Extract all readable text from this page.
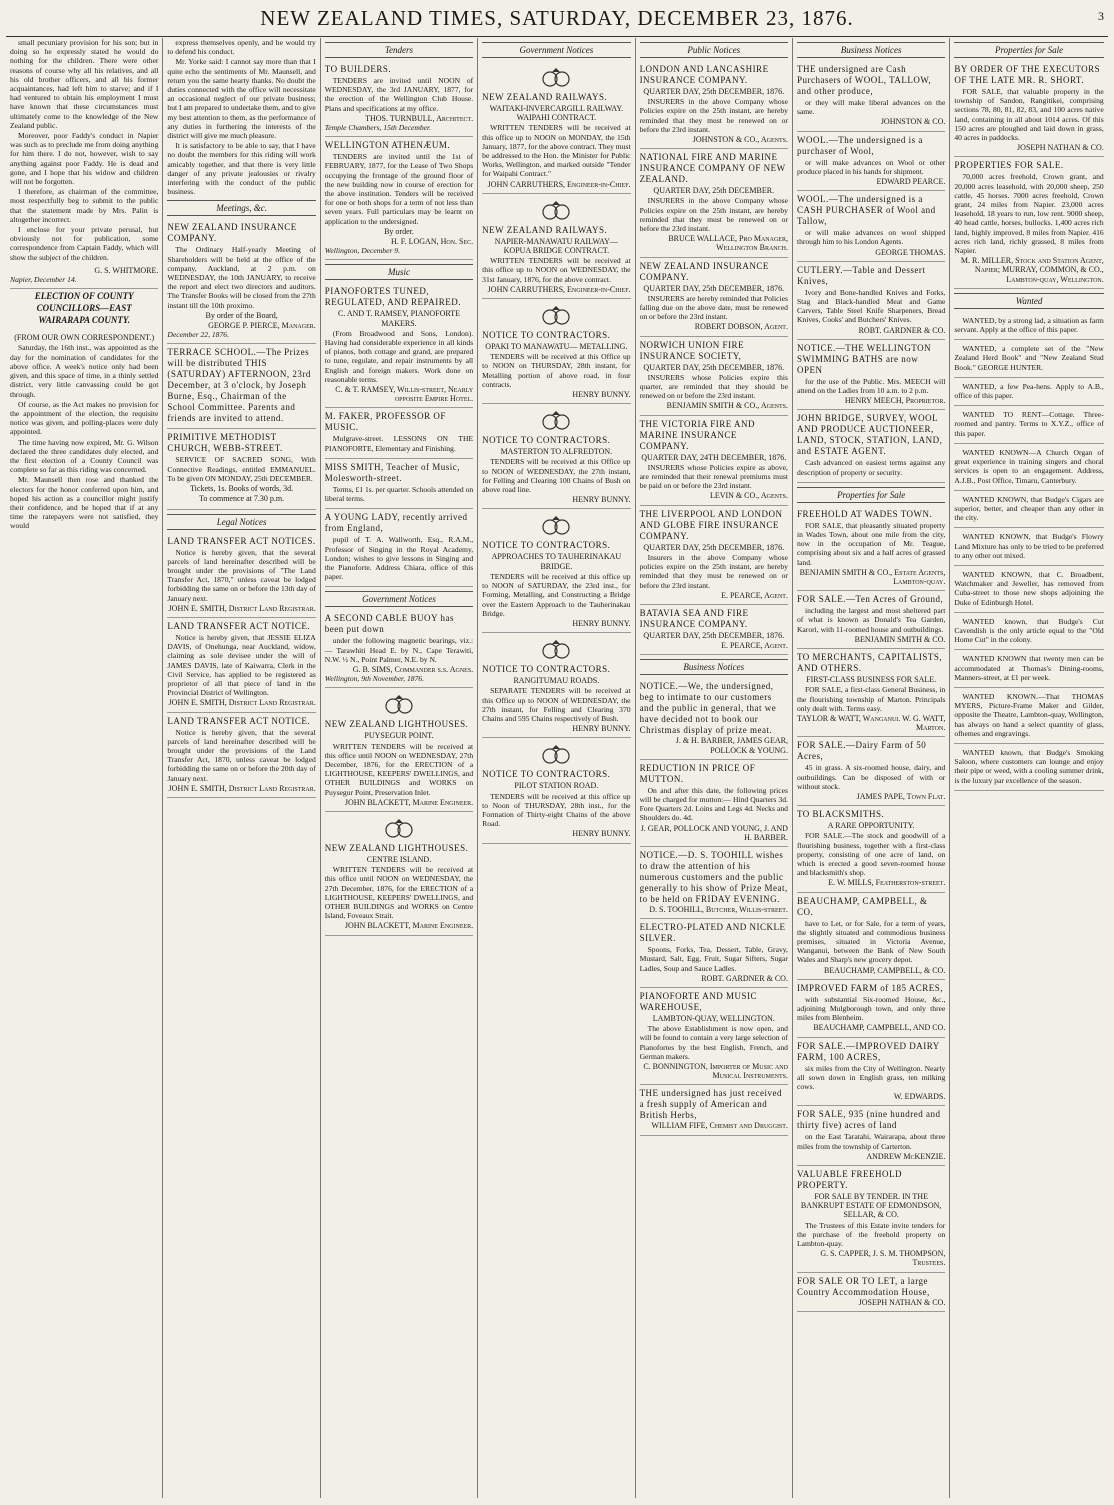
NEW ZEALAND TIMES, SATURDAY, DECEMBER 23, 1876.	3

small pecuniary provision for his son; but in doing so he expressly stated he would do nothing for the children. There were other reasons of course why all his relatives, and all his old brother officers, and all his former acquaintances, had left him to starve; and if I had ventured to obtain his employment I must have known that these circumstances must ultimately come to the knowledge of the New Zealand public.

Moreover, poor Faddy's conduct in Napier was such as to preclude me from doing anything for him there. I do not, however, wish to say anything against poor Faddy. He is dead and gone, and I hope that his widow and children will not be forgotten.

I therefore, as chairman of the committee, most respectfully beg to submit to the public that the statement made by Mrs. Palin is altogether incorrect.

I enclose for your private perusal, but obviously not for publication, some correspondence from Captain Faddy, which will show the subject of the children.

G. S. WHITMORE.
Napier, December 14.
ELECTION OF COUNTY COUNCILLORS—EAST WAIRARAPA COUNTY.
(FROM OUR OWN CORRESPONDENT.)

Saturday, the 16th inst., was appointed as the day for the nomination of candidates for the above office. A week's notice only had been given, and this space of time, in a thinly settled district, very little canvassing could be got through.

Of course, as the Act makes no provision for the appointment of the election, the requisite notice was given, and polling-places were duly appointed.

The time having now expired, Mr. G. Wilson declared the three candidates duly elected, and the first election of a County Council was complete so far as this riding was concerned.

Mr. Maunsell then rose and thanked the electors for the honor conferred upon him, and hoped his action as a councillor might justify their confidence, and he hoped that if at any time the ratepayers were not satisfied, they would

express themselves openly, and he would try to defend his conduct.

Mr. Yorke said: I cannot say more than that I quite echo the sentiments of Mr. Maunsell, and return you the same hearty thanks. No doubt the duties connected with the office will necessitate an occasional neglect of our private business; but I am prepared to undertake them, and to give my best attention to them, as the performance of any duties in furthering the interests of the district will give me much pleasure.

It is satisfactory to be able to say, that I have no doubt the members for this riding will work amicably together, and that there is very little danger of any private jealousies or rivalry interfering with the conduct of the public business.

Meetings, &c.
NEW ZEALAND INSURANCE COMPANY.

The Ordinary Half-yearly Meeting of Shareholders will be held at the office of the company, Auckland, at 2 p.m. on WEDNESDAY, the 10th JANUARY, to receive the report and elect two directors and auditors. The Transfer Books will be closed from the 27th instant till the 10th proximo.

By order of the Board,
GEORGE P. PIERCE, Manager.
December 22, 1876.
TERRACE SCHOOL.—The Prizes will be distributed THIS (SATURDAY) AFTERNOON, 23rd December, at 3 o'clock, by Joseph Burne, Esq., Chairman of the School Committee. Parents and friends are invited to attend.
PRIMITIVE METHODIST CHURCH, WEBB-STREET.

SERVICE OF SACRED SONG, With Connective Readings, entitled EMMANUEL. To be given ON MONDAY, 25th DECEMBER.

Tickets, 1s. Books of words, 3d.
To commence at 7.30 p.m.
Legal Notices
LAND TRANSFER ACT NOTICES.

Notice is hereby given, that the several parcels of land hereinafter described will be brought under the provisions of "The Land Transfer Act, 1870," unless caveat be lodged forbidding the same on or before the 13th day of January next.

JOHN E. SMITH, District Land Registrar.
LAND TRANSFER ACT NOTICE.

Notice is hereby given, that JESSIE ELIZA DAVIS, of Onehunga, near Auckland, widow, claiming as sole devisee under the will of JAMES DAVIS, late of Kaiwarra, Clerk in the Civil Service, has applied to be registered as proprietor of all that piece of land in the Provincial District of Wellington.

JOHN E. SMITH, District Land Registrar.
LAND TRANSFER ACT NOTICE.

Notice is hereby given, that the several parcels of land hereinafter described will be brought under the provisions of the Land Transfer Act, 1870, unless caveat be lodged forbidding the same on or before the 20th day of January next.

JOHN E. SMITH, District Land Registrar.
Tenders
TO BUILDERS.

TENDERS are invited until NOON of WEDNESDAY, the 3rd JANUARY, 1877, for the erection of the Wellington Club House. Plans and specifications at my office.

THOS. TURNBULL, Architect.
Temple Chambers, 15th December.
WELLINGTON ATHENÆUM.

TENDERS are invited until the 1st of FEBRUARY, 1877, for the Lease of Two Shops occupying the frontage of the ground floor of the new building now in course of erection for the above institution. Tenders will be received for one or both shops for a term of not less than seven years. Full particulars may be learnt on application to the undersigned.

By order.
H. F. LOGAN, Hon. Sec.
Wellington, December 9.
Music
PIANOFORTES TUNED, REGULATED, AND REPAIRED.
C. AND T. RAMSEY, PIANOFORTE MAKERS.

(From Broadwood and Sons, London). Having had considerable experience in all kinds of pianos, both cottage and grand, are prepared to tune, regulate, and repair instruments by all English and foreign makers. Work done on reasonable terms.

C. & T. RAMSEY, Willis-street, Nearly opposite Empire Hotel.
M. FAKER, PROFESSOR OF MUSIC.

Mulgrave-street. LESSONS ON THE PIANOFORTE, Elementary and Finishing.

MISS SMITH, Teacher of Music, Molesworth-street.

Terms, £1 1s. per quarter. Schools attended on liberal terms.

A YOUNG LADY, recently arrived from England,

pupil of T. A. Wallworth, Esq., R.A.M., Professor of Singing in the Royal Academy, London; wishes to give lessons in Singing and the Pianoforte. Address Chiara, office of this paper.

Government Notices
A SECOND CABLE BUOY has been put down

under the following magnetic bearings, viz.:— Tarawhiti Head E. by N., Cape Terawiti, N.W. ½ N., Point Palmer, N.E. by N.

G. B. SIMS, Commander s.s. Agnes.
Wellington, 9th November, 1876.
NEW ZEALAND LIGHTHOUSES.
PUYSEGUR POINT.

WRITTEN TENDERS will be received at this office until NOON on WEDNESDAY, 27th December, 1876, for the ERECTION of a LIGHTHOUSE, KEEPERS' DWELLINGS, and OTHER BUILDINGS and WORKS on Puysegur Point, Preservation Inlet.

JOHN BLACKETT, Marine Engineer.
NEW ZEALAND LIGHTHOUSES.
CENTRE ISLAND.

WRITTEN TENDERS will be received at this office until NOON on WEDNESDAY, the 27th December, 1876, for the ERECTION of a LIGHTHOUSE, KEEPERS' DWELLINGS, and OTHER BUILDINGS and WORKS on Centre Island, Foveaux Strait.

JOHN BLACKETT, Marine Engineer.
Government Notices
NEW ZEALAND RAILWAYS.
WAITAKI-INVERCARGILL RAILWAY. WAIPAHI CONTRACT.

WRITTEN TENDERS will be received at this office up to NOON on MONDAY, the 15th January, 1877, for the above contract. They must be addressed to the Hon. the Minister for Public Works, Wellington, and marked outside "Tender for Waipahi Contract."

JOHN CARRUTHERS, Engineer-in-Chief.
NEW ZEALAND RAILWAYS.
NAPIER-MANAWATU RAILWAY— KOPUA BRIDGE CONTRACT.

WRITTEN TENDERS will be received at this office up to NOON on WEDNESDAY, the 31st January, 1876, for the above contract.

JOHN CARRUTHERS, Engineer-in-Chief.
NOTICE TO CONTRACTORS.
OPAKI TO MANAWATU— METALLING.

TENDERS will be received at this Office up to NOON on THURSDAY, 28th instant, for Metalling portion of above road, in four contracts.

HENRY BUNNY.
NOTICE TO CONTRACTORS.
MASTERTON TO ALFREDTON.

TENDERS will be received at this Office up to NOON of WEDNESDAY, the 27th instant, for Felling and Clearing 100 Chains of Bush on above road line.

HENRY BUNNY.
NOTICE TO CONTRACTORS.
APPROACHES TO TAUHERINAKAU BRIDGE.

TENDERS will be received at this office up to NOON of SATURDAY, the 23rd inst., for Forming, Metalling, and Constructing a Bridge over the Eastern Approach to the Tauherinakau Bridge.

HENRY BUNNY.
NOTICE TO CONTRACTORS.
RANGITUMAU ROADS.

SEPARATE TENDERS will be received at this Office up to NOON of WEDNESDAY, the 27th instant, for Felling and Clearing 370 Chains and 595 Chains respectively of Bush.

HENRY BUNNY.
NOTICE TO CONTRACTORS.
PILOT STATION ROAD.

TENDERS will be received at this office up to Noon of THURSDAY, 28th inst., for the Formation of Thirty-eight Chains of the above Road.

HENRY BUNNY.
Public Notices
LONDON AND LANCASHIRE INSURANCE COMPANY.
QUARTER DAY, 25th DECEMBER, 1876.

INSURERS in the above Company whose Policies expire on the 25th instant, are hereby reminded that they must be renewed on or before the 23rd instant.

JOHNSTON & CO., Agents.
NATIONAL FIRE AND MARINE INSURANCE COMPANY OF NEW ZEALAND.
QUARTER DAY, 25th DECEMBER.

INSURERS in the above Company whose Policies expire on the 25th instant, are hereby reminded that they must be renewed on or before the 23rd instant.

BRUCE WALLACE, Pro Manager, Wellington Branch.
NEW ZEALAND INSURANCE COMPANY.
QUARTER DAY, 25th DECEMBER, 1876.

INSURERS are hereby reminded that Policies falling due on the above date, must be renewed on or before the 23rd instant.

ROBERT DOBSON, Agent.
NORWICH UNION FIRE INSURANCE SOCIETY,
QUARTER DAY, 25th DECEMBER, 1876.

INSURERS whose Policies expire this quarter, are reminded that they should be renewed on or before the 23rd instant.

BENJAMIN SMITH & CO., Agents.
THE VICTORIA FIRE AND MARINE INSURANCE COMPANY.
QUARTER DAY, 24TH DECEMBER, 1876.

INSURERS whose Policies expire as above, are reminded that their renewal premiums must be paid on or before the 23rd instant.

LEVIN & CO., Agents.
THE LIVERPOOL AND LONDON AND GLOBE FIRE INSURANCE COMPANY.
QUARTER DAY, 25th DECEMBER, 1876.

Insurers in the above Company whose policies expire on the 25th instant, are hereby reminded that they must be renewed on or before the 23rd instant.

E. PEARCE, Agent.
BATAVIA SEA AND FIRE INSURANCE COMPANY.
QUARTER DAY, 25th DECEMBER, 1876.
E. PEARCE, Agent.
Business Notices
NOTICE.—We, the undersigned, beg to intimate to our customers and the public in general, that we have decided not to book our Christmas display of prize meat.
J. & H. BARBER, JAMES GEAR, POLLOCK & YOUNG.
REDUCTION IN PRICE OF MUTTON.

On and after this date, the following prices will be charged for mutton:— Hind Quarters 3d. Fore Quarters 2d. Loins and Legs 4d. Necks and Shoulders do. 4d.

J. GEAR, POLLOCK AND YOUNG, J. AND H. BARBER.
NOTICE.—D. S. TOOHILL wishes to draw the attention of his numerous customers and the public generally to his show of Prize Meat, to be held on FRIDAY EVENING.
D. S. TOOHILL, Butcher, Willis-street.
ELECTRO-PLATED AND NICKLE SILVER.

Spoons, Forks, Tea, Dessert, Table, Gravy, Mustard, Salt, Egg, Fruit, Sugar Sifters, Sugar Ladles, Soup and Sauce Ladles.

ROBT. GARDNER & CO.
PIANOFORTE AND MUSIC WAREHOUSE,
LAMBTON-QUAY, WELLINGTON.

The above Establishment is now open, and will be found to contain a very large selection of Pianofortes by the best English, French, and German makers.

C. BONNINGTON, Importer of Music and Musical Instruments.
THE undersigned has just received a fresh supply of American and British Herbs,
WILLIAM FIFE, Chemist and Druggist.
Business Notices
THE undersigned are Cash Purchasers of WOOL, TALLOW, and other produce,

or they will make liberal advances on the same.

JOHNSTON & CO.
WOOL.—The undersigned is a purchaser of Wool,

or will make advances on Wool or other produce placed in his hands for shipment.

EDWARD PEARCE.
WOOL.—The undersigned is a CASH PURCHASER of Wool and Tallow,

or will make advances on wool shipped through him to his London Agents.

GEORGE THOMAS.
CUTLERY.—Table and Dessert Knives,

Ivory and Bone-handled Knives and Forks, Stag and Black-handled Meat and Game Carvers, Table Steel Knife Sharpeners, Bread Knives, Cooks' and Butchers' Knives.

ROBT. GARDNER & CO.
NOTICE.—THE WELLINGTON SWIMMING BATHS are now OPEN

for the use of the Public. Mrs. MEECH will attend on the Ladies from 10 a.m. to 2 p.m.

HENRY MEECH, Proprietor.
JOHN BRIDGE, SURVEY, WOOL AND PRODUCE AUCTIONEER, LAND, STOCK, STATION, LAND, and ESTATE AGENT.

Cash advanced on easiest terms against any description of property or security.

Properties for Sale
FREEHOLD AT WADES TOWN.

FOR SALE, that pleasantly situated property in Wades Town, about one mile from the city, now in the occupation of Mr. Teague, comprising about six and a half acres of grassed land.

BENJAMIN SMITH & CO., Estate Agents, Lambton-quay.
FOR SALE.—Ten Acres of Ground,

including the largest and most sheltered part of what is known as Donald's Tea Garden, Karori, with 11-roomed house and outbuildings.

BENJAMIN SMITH & CO.
TO MERCHANTS, CAPITALISTS, AND OTHERS.
FIRST-CLASS BUSINESS FOR SALE.

FOR SALE, a first-class General Business, in the flourishing township of Marton. Principals only dealt with. Terms easy.

TAYLOR & WATT, Wanganui. W. G. WATT, Marton.
FOR SALE.—Dairy Farm of 50 Acres,

45 in grass. A six-roomed house, dairy, and outbuildings. Can be disposed of with or without stock.

JAMES PAPE, Town Flat.
TO BLACKSMITHS.
A RARE OPPORTUNITY.

FOR SALE.—The stock and goodwill of a flourishing business, together with a first-class property, consisting of one acre of land, on which is erected a good seven-roomed house and blacksmith's shop.

E. W. MILLS, Featherston-street.
BEAUCHAMP, CAMPBELL, & CO.

have to Let, or for Sale, for a term of years, the slightly situated and commodious business premises, situated in Victoria Avenue, Wanganui, between the Bank of New South Wales and Sharp's new grocery depot.

BEAUCHAMP, CAMPBELL, & CO.
IMPROVED FARM of 185 ACRES,

with substantial Six-roomed House, &c., adjoining Mulgborough town, and only three miles from Blenheim.

BEAUCHAMP, CAMPBELL, AND CO.
FOR SALE.—IMPROVED DAIRY FARM, 100 ACRES,

six miles from the City of Wellington. Nearly all sown down in English grass, ten milking cows.

W. EDWARDS.
FOR SALE, 935 (nine hundred and thirty five) acres of land

on the East Taratahi, Wairarapa, about three miles from the township of Carterton.

ANDREW McKENZIE.
VALUABLE FREEHOLD PROPERTY.
FOR SALE BY TENDER. IN THE BANKRUPT ESTATE OF EDMONDSON, SELLAR, & CO.

The Trustees of this Estate invite tenders for the purchase of the freehold property on Lambton-quay.

G. S. CAPPER, J. S. M. THOMPSON, Trustees.
FOR SALE OR TO LET, a large Country Accommodation House,
JOSEPH NATHAN & CO.
Properties for Sale
BY ORDER OF THE EXECUTORS OF THE LATE MR. R. SHORT.

FOR SALE, that valuable property in the township of Sandon, Rangitikei, comprising sections 78, 80, 81, 82, 83, and 100 acres native land, containing in all about 1014 acres. Of this 150 acres are ploughed and laid down in grass, 40 acres in paddocks.

JOSEPH NATHAN & CO.
PROPERTIES FOR SALE.

70,000 acres freehold, Crown grant, and 20,000 acres leasehold, with 20,000 sheep, 250 cattle, 45 horses. 7000 acres freehold, Crown grant, 24 miles from Napier. 23,000 acres leasehold, 18 years to run, low rent. 9000 sheep, 40 head cattle, horses, bullocks. 1,400 acres rich land, highly improved, 8 miles from Napier. 416 acres rich land, richly grassed, 8 miles from Napier.

M. R. MILLER, Stock and Station Agent, Napier; MURRAY, COMMON, & CO., Lambton-quay, Wellington.
Wanted

WANTED, by a strong lad, a situation as farm servant. Apply at the office of this paper.

WANTED, a complete set of the "New Zealand Herd Book" and "New Zealand Stud Book." GEORGE HUNTER.

WANTED, a few Pea-hens. Apply to A.B., office of this paper.

WANTED TO RENT—Cottage. Three-roomed and pantry. Terms to X.Y.Z., office of this paper.

WANTED KNOWN—A Church Organ of great experience in training singers and choral services is open to an engagement. Address, A.J.B., Post Office, Timaru, Canterbury.

WANTED KNOWN, that Budge's Cigars are superior, better, and cheaper than any other in the city.

WANTED KNOWN, that Budge's Flowry Land Mixture has only to be tried to be preferred to any other out mixed.

WANTED KNOWN, that C. Broadbent, Watchmaker and Jeweller, has removed from Cuba-street to those new shops adjoining the Duke of Edinburgh Hotel.

WANTED known, that Budge's Cut Cavendish is the only article equal to the "Old Home Cut" in the colony.

WANTED KNOWN that twenty men can be accommodated at Thomas's Dining-rooms, Manners-street, at £1 per week.

WANTED KNOWN.—That THOMAS MYERS, Picture-Frame Maker and Gilder, opposite the Theatre, Lambton-quay, Wellington, has always on hand a select quantity of glass, ofhemes and engravings.

WANTED known, that Budge's Smoking Saloon, where customers can lounge and enjoy their pipe or weed, with a cooling summer drink, is the luxury par excellence of the season.
